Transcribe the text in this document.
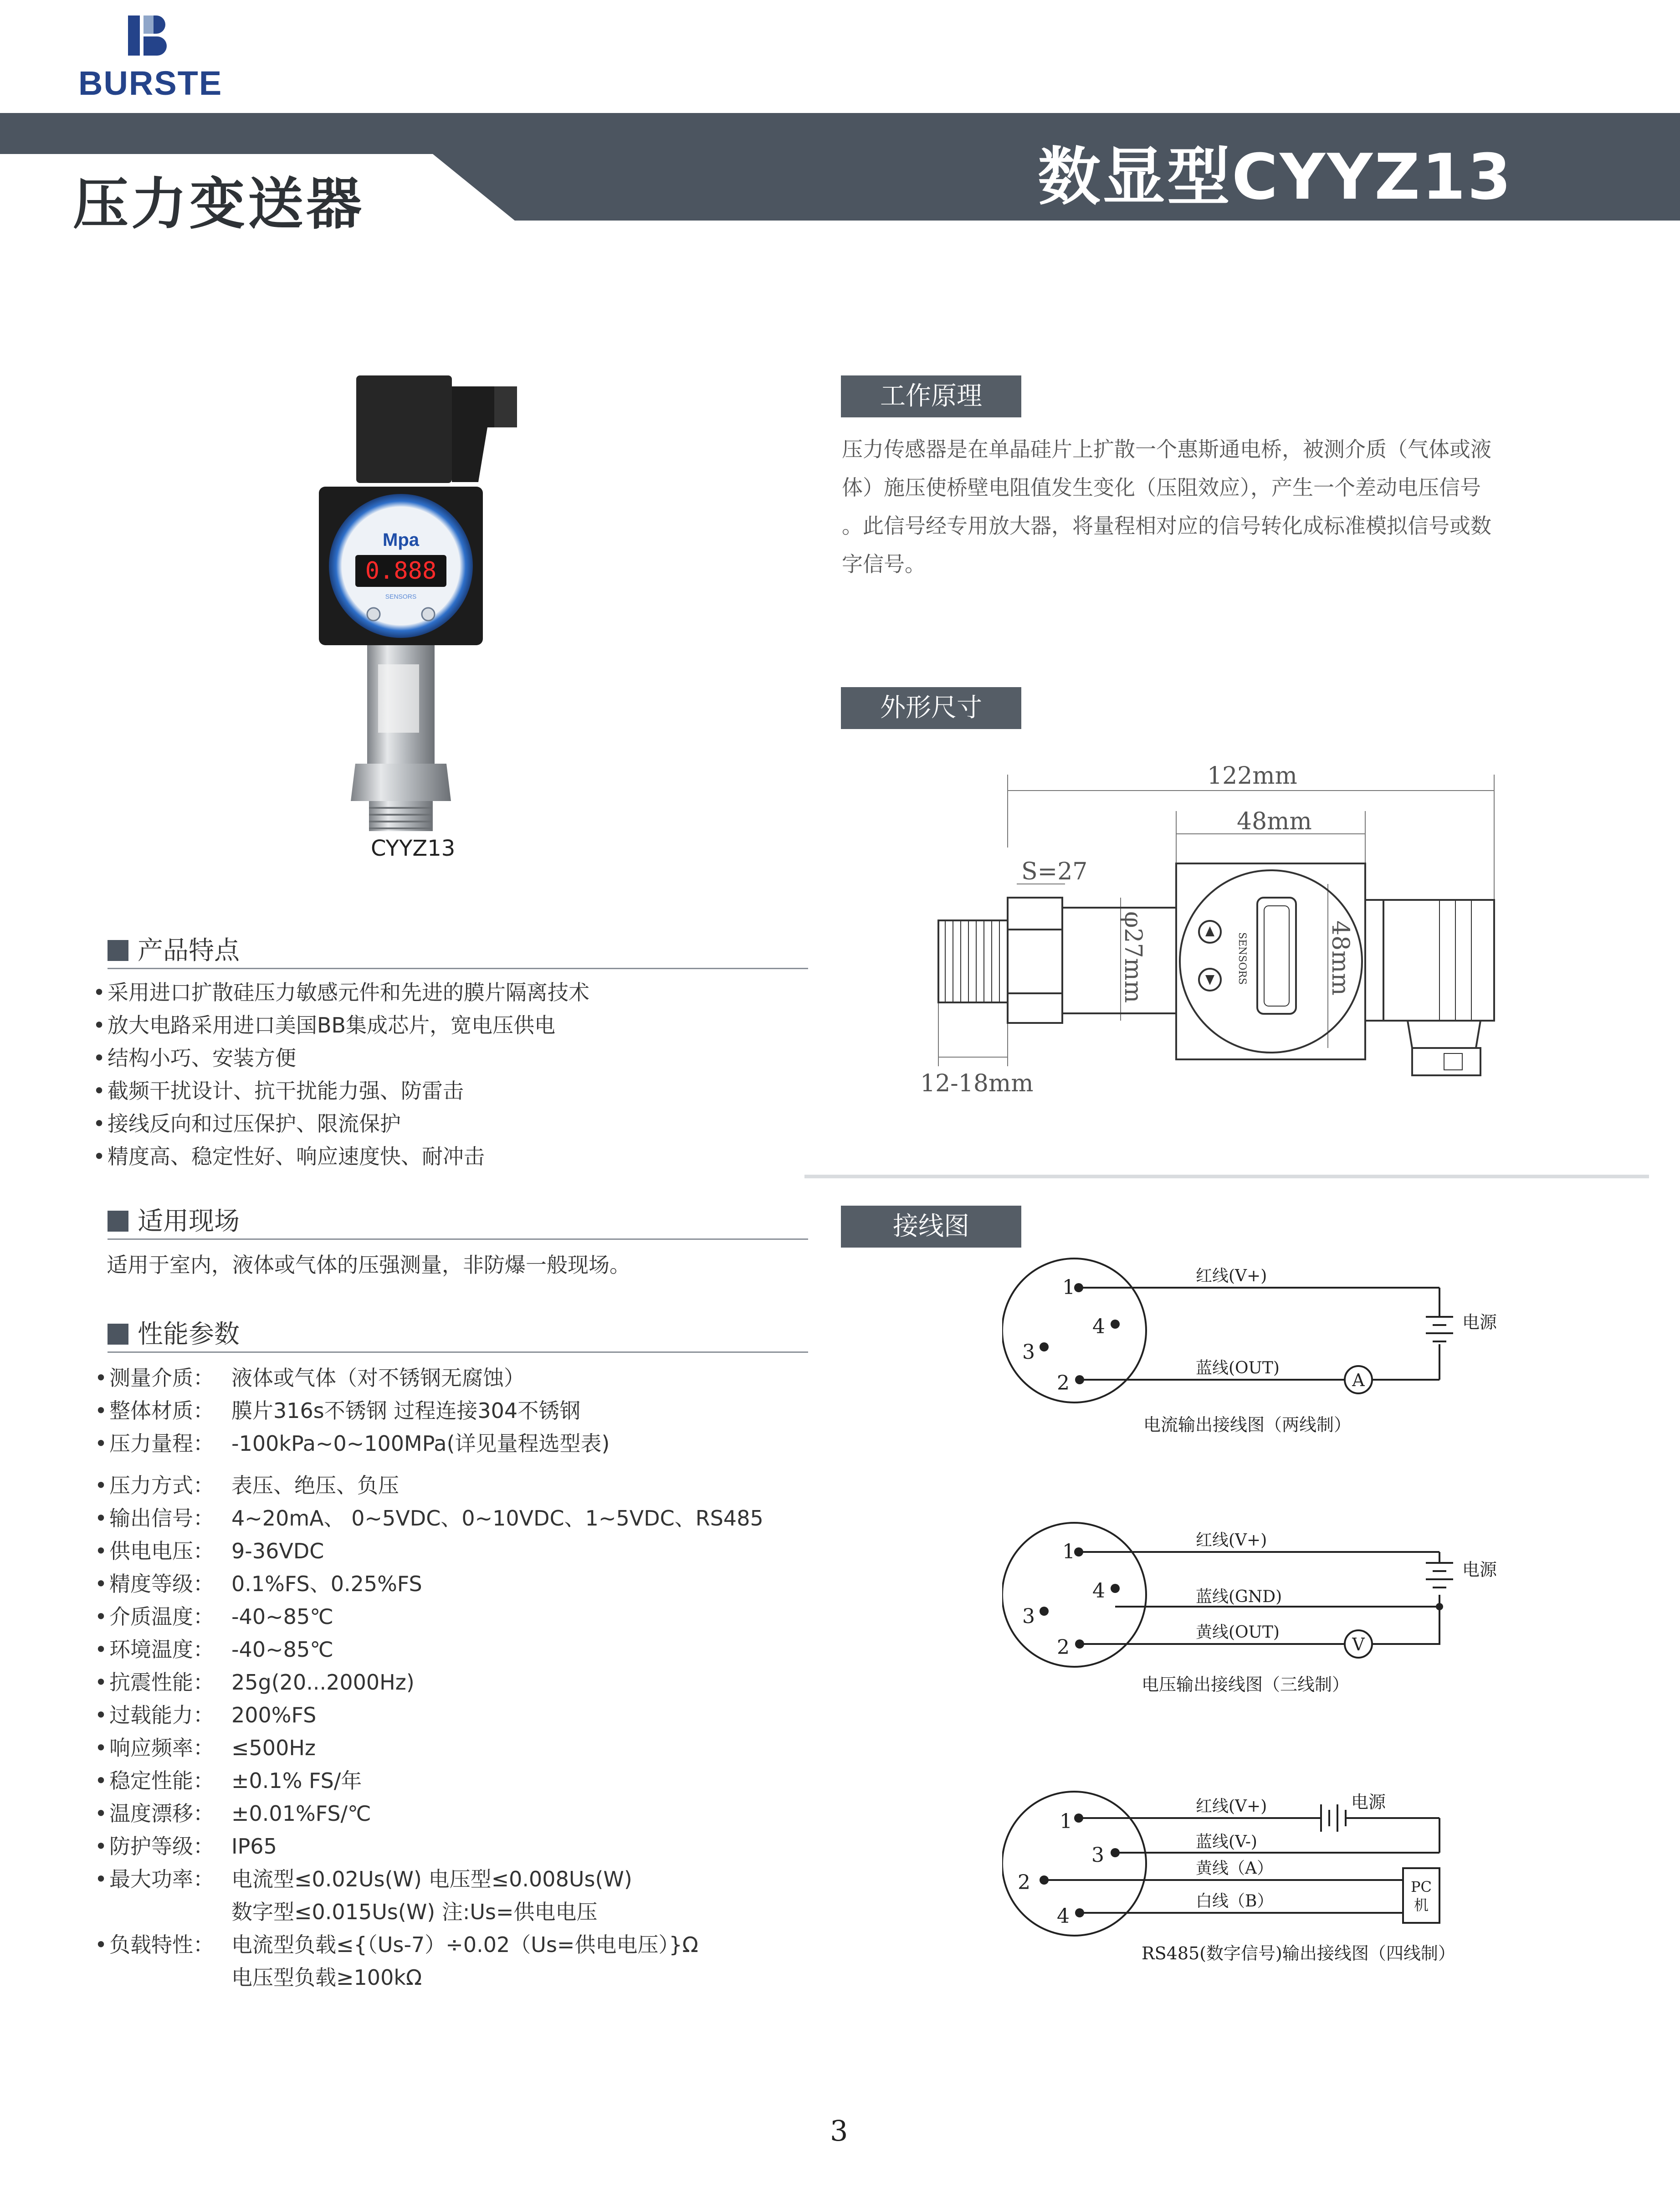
BURSTE
压力变送器	数显型CYYZ13
Mpa
0.888
SENSORS
CYYZ13
产品特点
• 采用进口扩散硅压力敏感元件和先进的膜片隔离技术
• 放大电路采用进口美国BB集成芯片，宽电压供电
• 结构小巧、安装方便
• 截频干扰设计、抗干扰能力强、防雷击
• 接线反向和过压保护、限流保护
• 精度高、稳定性好、响应速度快、耐冲击
适用现场
适用于室内，液体或气体的压强测量，非防爆一般现场。
性能参数
• 测量介质： 液体或气体（对不锈钢无腐蚀）
• 整体材质： 膜片316s不锈钢 过程连接304不锈钢
• 压力量程： -100kPa~0~100MPa(详见量程选型表)
• 压力方式： 表压、绝压、负压
• 输出信号： 4~20mA、 0~5VDC、0~10VDC、1~5VDC、RS485
• 供电电压： 9-36VDC
• 精度等级： 0.1%FS、0.25%FS
• 介质温度： -40~85℃
• 环境温度： -40~85℃
• 抗震性能： 25g(20...2000Hz)
• 过载能力： 200%FS
• 响应频率： ≤500Hz
• 稳定性能： ±0.1% FS/年
• 温度漂移： ±0.01%FS/℃
• 防护等级： IP65
• 最大功率： 电流型≤0.02Us(W) 电压型≤0.008Us(W)
数字型≤0.015Us(W) 注:Us=供电电压
• 负载特性： 电流型负载≤{（Us-7）÷0.02（Us=供电电压）}Ω
电压型负载≥100kΩ
工作原理
压力传感器是在单晶硅片上扩散一个惠斯通电桥，被测介质（气体或液
体）施压使桥壁电阻值发生变化（压阻效应），产生一个差动电压信号
。此信号经专用放大器，将量程相对应的信号转化成标准模拟信号或数
字信号。
外形尺寸
SENSORS
122mm
48mm
S=27
φ27mm	48mm
12-18mm
接线图
1
4
3
2
红线(V+)
蓝线(OUT)
A
电源
电流输出接线图（两线制）
1
4
3
2
红线(V+)
蓝线(GND)
黄线(OUT)
V
电源
电压输出接线图（三线制）
1
3
2
4
红线(V+)	电源
蓝线(V-)
黄线（A）
白线（B）
PC
机
RS485(数字信号)输出接线图（四线制）
3
